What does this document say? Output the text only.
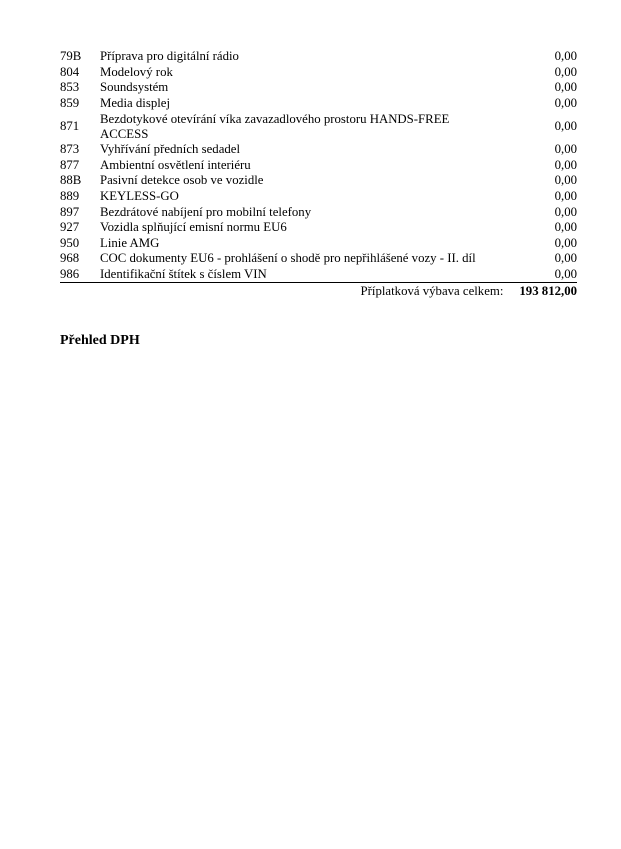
79B	Příprava pro digitální rádio	0,00
804	Modelový rok	0,00
853	Soundsystém	0,00
859	Media displej	0,00
871	Bezdotykové otevírání víka zavazadlového prostoru HANDS-FREE ACCESS	0,00
873	Vyhřívání předních sedadel	0,00
877	Ambientní osvětlení interiéru	0,00
88B	Pasivní detekce osob ve vozidle	0,00
889	KEYLESS-GO	0,00
897	Bezdrátové nabíjení pro mobilní telefony	0,00
927	Vozidla splňující emisní normu EU6	0,00
950	Linie AMG	0,00
968	COC dokumenty EU6 - prohlášení o shodě pro nepřihlášené vozy - II. díl	0,00
986	Identifikační štítek s číslem VIN	0,00
Příplatková výbava celkem: 193 812,00
Přehled DPH
